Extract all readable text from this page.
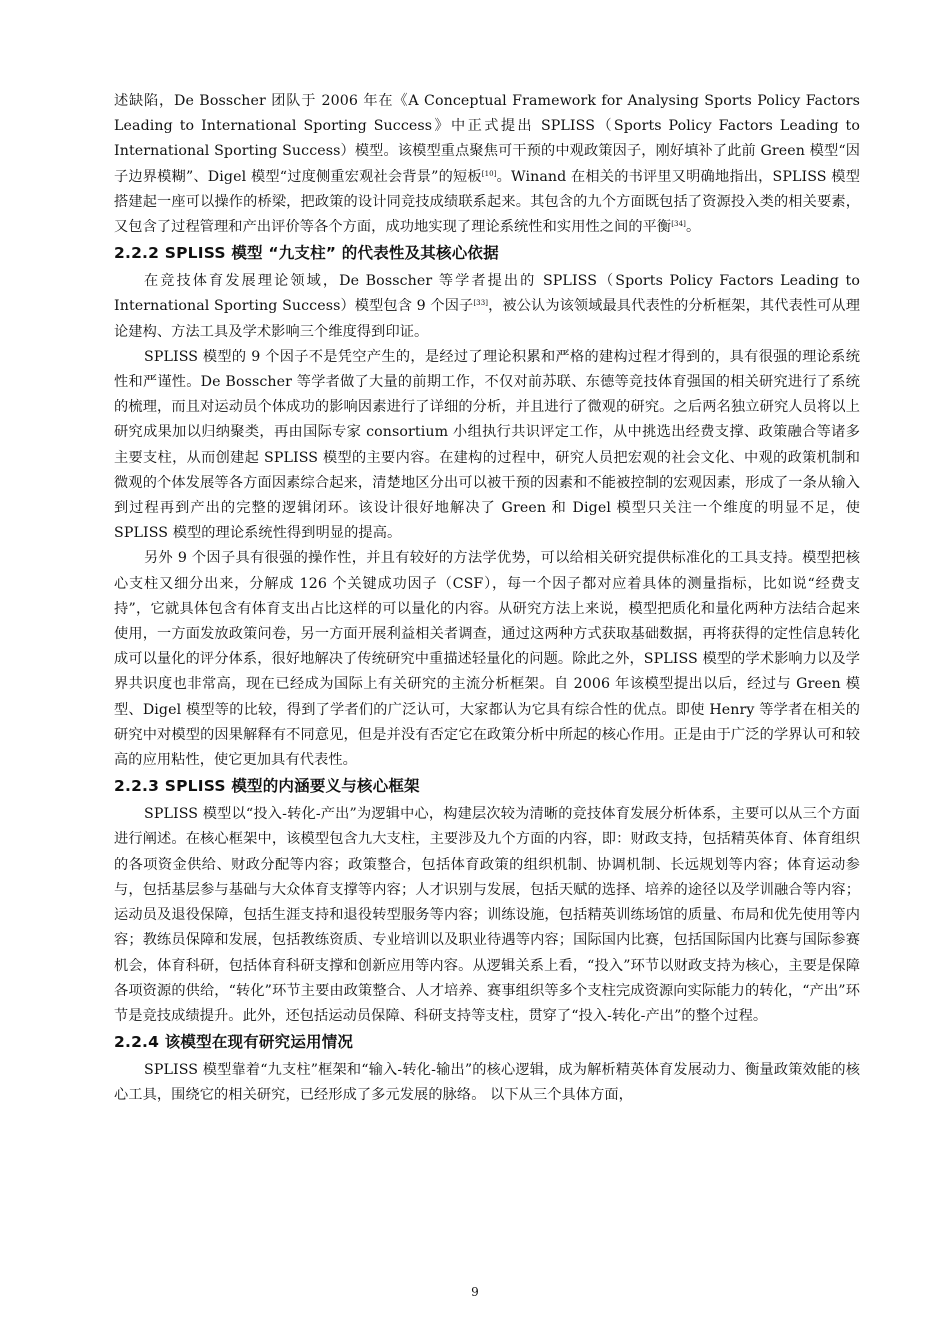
述缺陷，De Bosscher 团队于 2006 年在《A Conceptual Framework for Analysing Sports Policy Factors Leading to International Sporting Success》中正式提出 SPLISS（Sports Policy Factors Leading to International Sporting Success）模型。该模型重点聚焦可干预的中观政策因子，刚好填补了此前 Green 模型“因子边界模糊”、Digel 模型“过度侧重宏观社会背景”的短板[10]。Winand 在相关的书评里又明确地指出，SPLISS 模型搭建起一座可以操作的桥梁，把政策的设计同竞技成绩联系起来。其包含的九个方面既包括了资源投入类的相关要素，又包含了过程管理和产出评价等各个方面，成功地实现了理论系统性和实用性之间的平衡[34]。

2.2.2 SPLISS 模型 “九支柱” 的代表性及其核心依据

在竞技体育发展理论领域，De Bosscher 等学者提出的 SPLISS（Sports Policy Factors Leading to International Sporting Success）模型包含 9 个因子[33]，被公认为该领域最具代表性的分析框架，其代表性可从理论建构、方法工具及学术影响三个维度得到印证。

SPLISS 模型的 9 个因子不是凭空产生的，是经过了理论积累和严格的建构过程才得到的，具有很强的理论系统性和严谨性。De Bosscher 等学者做了大量的前期工作，不仅对前苏联、东德等竞技体育强国的相关研究进行了系统的梳理，而且对运动员个体成功的影响因素进行了详细的分析，并且进行了微观的研究。之后两名独立研究人员将以上研究成果加以归纳聚类，再由国际专家 consortium 小组执行共识评定工作，从中挑选出经费支撑、政策融合等诸多主要支柱，从而创建起 SPLISS 模型的主要内容。在建构的过程中，研究人员把宏观的社会文化、中观的政策机制和微观的个体发展等各方面因素综合起来，清楚地区分出可以被干预的因素和不能被控制的宏观因素，形成了一条从输入到过程再到产出的完整的逻辑闭环。该设计很好地解决了 Green 和 Digel 模型只关注一个维度的明显不足，使 SPLISS 模型的理论系统性得到明显的提高。

另外 9 个因子具有很强的操作性，并且有较好的方法学优势，可以给相关研究提供标准化的工具支持。模型把核心支柱又细分出来，分解成 126 个关键成功因子（CSF），每一个因子都对应着具体的测量指标，比如说“经费支持”，它就具体包含有体育支出占比这样的可以量化的内容。从研究方法上来说，模型把质化和量化两种方法结合起来使用，一方面发放政策问卷，另一方面开展利益相关者调查，通过这两种方式获取基础数据，再将获得的定性信息转化成可以量化的评分体系，很好地解决了传统研究中重描述轻量化的问题。除此之外，SPLISS 模型的学术影响力以及学界共识度也非常高，现在已经成为国际上有关研究的主流分析框架。自 2006 年该模型提出以后，经过与 Green 模型、Digel 模型等的比较，得到了学者们的广泛认可，大家都认为它具有综合性的优点。即使 Henry 等学者在相关的研究中对模型的因果解释有不同意见，但是并没有否定它在政策分析中所起的核心作用。正是由于广泛的学界认可和较高的应用粘性，使它更加具有代表性。

2.2.3 SPLISS 模型的内涵要义与核心框架

SPLISS 模型以“投入-转化-产出”为逻辑中心，构建层次较为清晰的竞技体育发展分析体系，主要可以从三个方面进行阐述。在核心框架中，该模型包含九大支柱，主要涉及九个方面的内容，即：财政支持，包括精英体育、体育组织的各项资金供给、财政分配等内容；政策整合，包括体育政策的组织机制、协调机制、长远规划等内容；体育运动参与，包括基层参与基础与大众体育支撑等内容；人才识别与发展，包括天赋的选择、培养的途径以及学训融合等内容；运动员及退役保障，包括生涯支持和退役转型服务等内容；训练设施，包括精英训练场馆的质量、布局和优先使用等内容；教练员保障和发展，包括教练资质、专业培训以及职业待遇等内容；国际国内比赛，包括国际国内比赛与国际参赛机会，体育科研，包括体育科研支撑和创新应用等内容。从逻辑关系上看，“投入”环节以财政支持为核心，主要是保障各项资源的供给，“转化”环节主要由政策整合、人才培养、赛事组织等多个支柱完成资源向实际能力的转化，“产出”环节是竞技成绩提升。此外，还包括运动员保障、科研支持等支柱，贯穿了“投入-转化-产出”的整个过程。

2.2.4 该模型在现有研究运用情况

SPLISS 模型靠着“九支柱”框架和“输入-转化-输出”的核心逻辑，成为解析精英体育发展动力、衡量政策效能的核心工具，围绕它的相关研究，已经形成了多元发展的脉络。 以下从三个具体方面，

9
